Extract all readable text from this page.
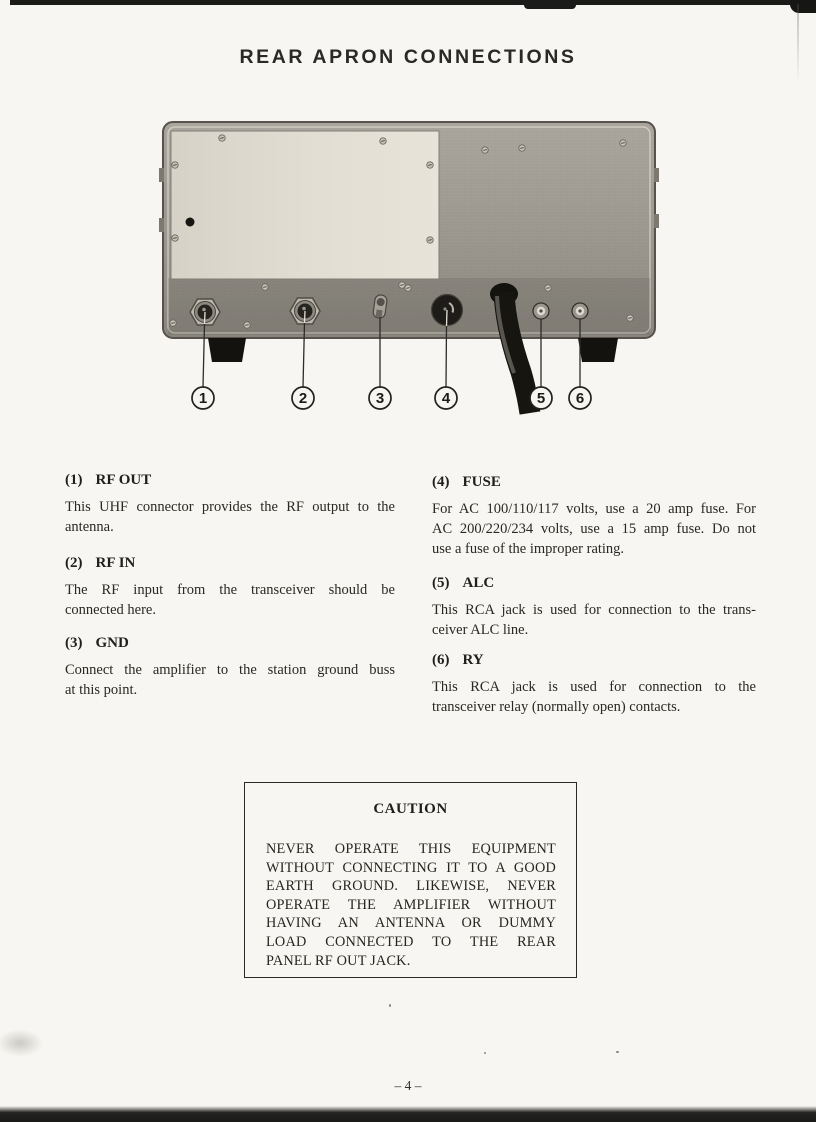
REAR APRON CONNECTIONS
1	2	3	4	5 6
(1) RF OUT
This UHF connector provides the RF output to the
antenna.
(2) RF IN
The RF input from the transceiver should be
connected here.
(3) GND
Connect the amplifier to the station ground buss
at this point.
(4) FUSE
For AC 100/110/117 volts, use a 20 amp fuse. For
AC 200/220/234 volts, use a 15 amp fuse. Do not
use a fuse of the improper rating.
(5) ALC
This RCA jack is used for connection to the trans-
ceiver ALC line.
(6) RY
This RCA jack is used for connection to the
transceiver relay (normally open) contacts.
CAUTION
NEVER OPERATE THIS EQUIPMENT
WITHOUT CONNECTING IT TO A GOOD
EARTH GROUND. LIKEWISE, NEVER
OPERATE THE AMPLIFIER WITHOUT
HAVING AN ANTENNA OR DUMMY
LOAD CONNECTED TO THE REAR
PANEL RF OUT JACK.
– 4 –
